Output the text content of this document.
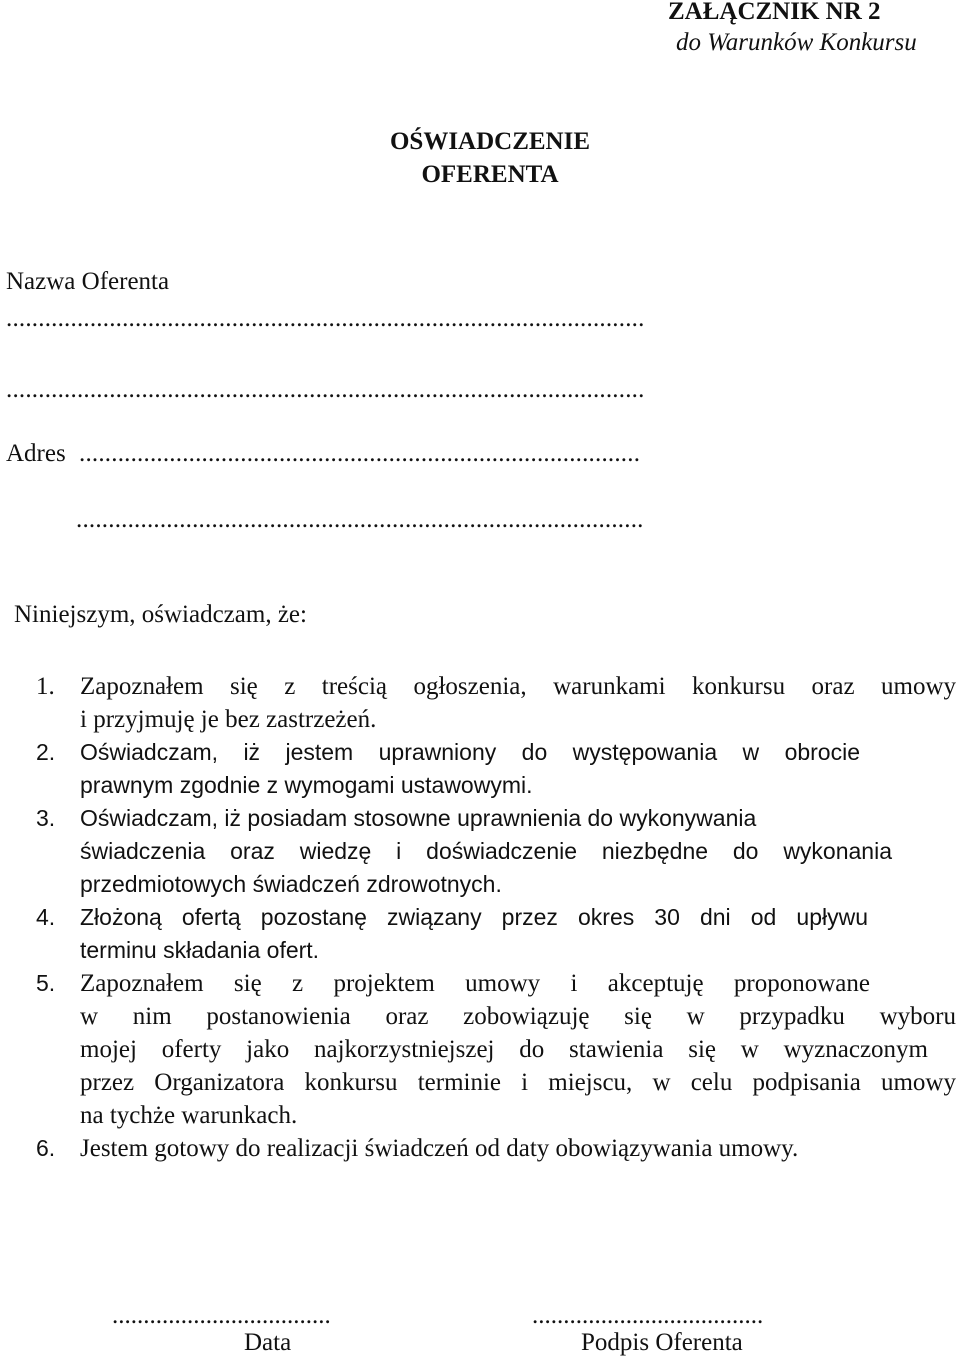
ZAŁĄCZNIK NR 2
do Warunków Konkursu
OŚWIADCZENIE
OFERENTA
Nazwa Oferenta
...................................................................................................
...................................................................................................
Adres .......................................................................................
........................................................................................
Niniejszym, oświadczam, że:
1.	Zapoznałem się z treścią ogłoszenia, warunkami konkursu oraz umowy
i przyjmuję je bez zastrzeżeń.
2.	Oświadczam, iż jestem uprawniony do występowania w obrocie
prawnym zgodnie z wymogami ustawowymi.
3.	Oświadczam, iż posiadam stosowne uprawnienia do wykonywania
świadczenia oraz wiedzę i doświadczenie niezbędne do wykonania
przedmiotowych świadczeń zdrowotnych.
4.	Złożoną ofertą pozostanę związany przez okres 30 dni od upływu
terminu składania ofert.
5. Zapoznałem się z projektem umowy i akceptuję proponowane
w nim postanowienia oraz zobowiązuję się w przypadku wyboru
mojej oferty jako najkorzystniejszej do stawienia się w wyznaczonym
przez Organizatora konkursu terminie i miejscu, w celu podpisania umowy
na tychże warunkach.
6. Jestem gotowy do realizacji świadczeń od daty obowiązywania umowy.
...................................
Data
.....................................
Podpis Oferenta
